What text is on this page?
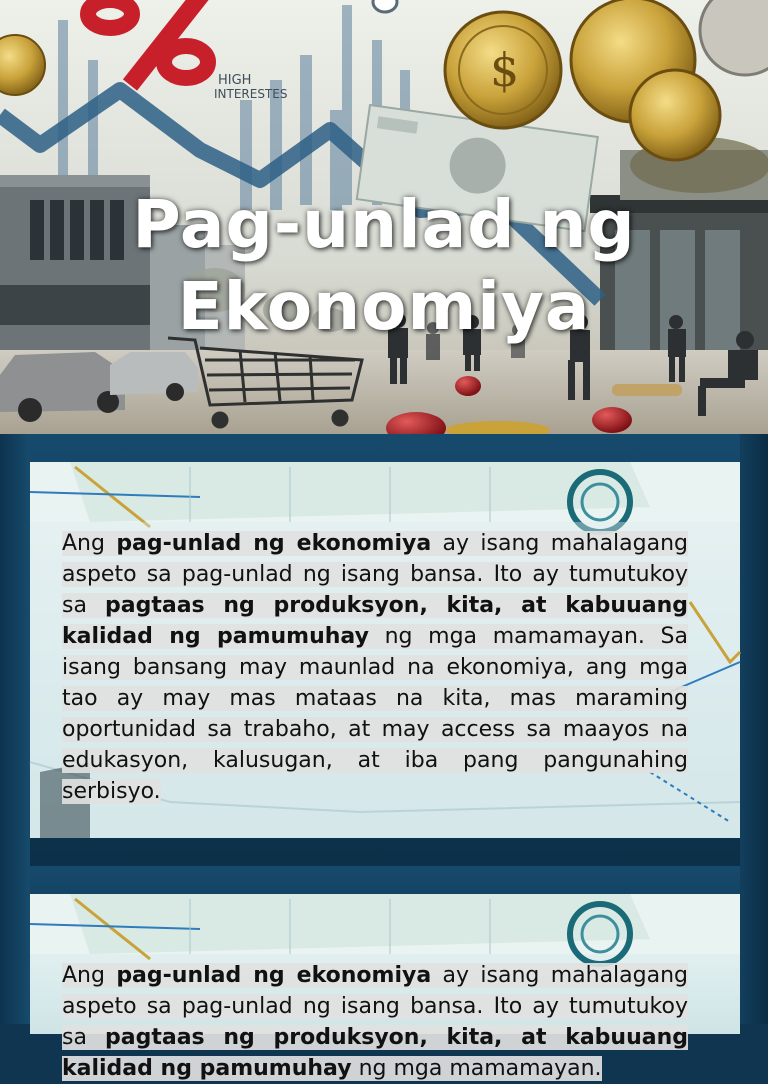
HIGH
INTERESTES	$
Pag-unlad ng
Ekonomiya

Ang pag-unlad ng ekonomiya ay isang mahalagang aspeto sa pag-unlad ng isang bansa. Ito ay tumutukoy sa pagtaas ng produksyon, kita, at kabuuang kalidad ng pamumuhay ng mga mamamayan. Sa isang bansang may maunlad na ekonomiya, ang mga tao ay may mas mataas na kita, mas maraming oportunidad sa trabaho, at may access sa maayos na edukasyon, kalusugan, at iba pang pangunahing serbisyo.

Ang pag-unlad ng ekonomiya ay isang mahalagang aspeto sa pag-unlad ng isang bansa. Ito ay tumutukoy sa pagtaas ng produksyon, kita, at kabuuang kalidad ng pamumuhay ng mga mamamayan.
